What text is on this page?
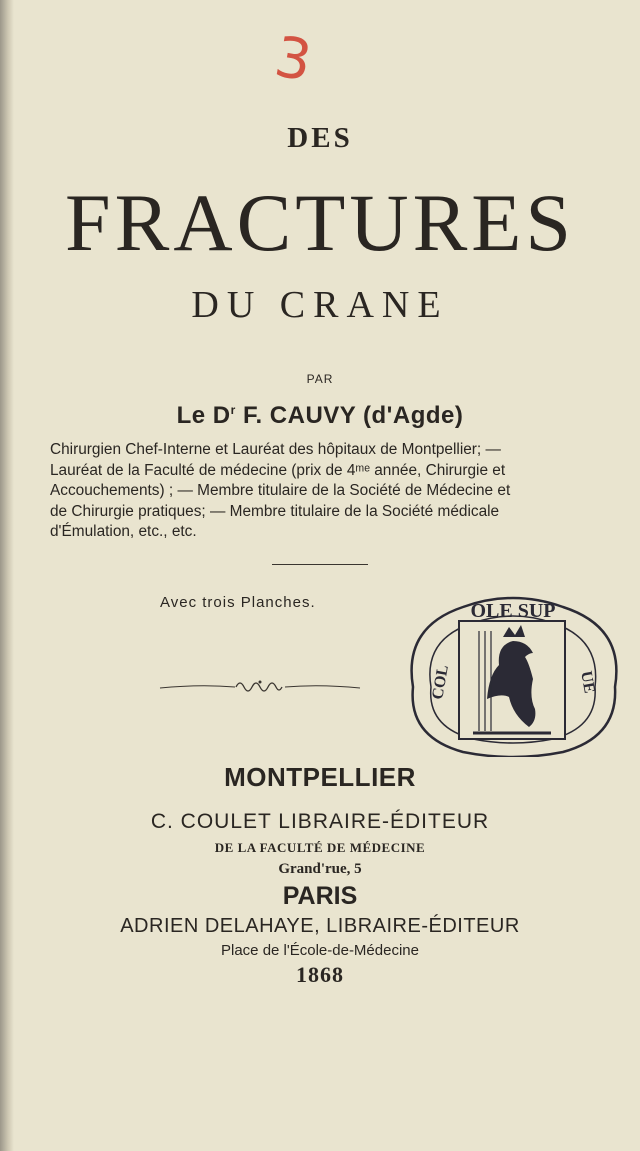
3
DES
FRACTURES
DU CRANE
PAR
Le $D^r$ F. CAUVY (d'Agde)
Chirurgien Chef-Interne et Lauréat des hôpitaux de Montpellier; —
Lauréat de la Faculté de médecine (prix de 4ᵐᵉ année, Chirurgie et
Accouchements) ; — Membre titulaire de la Société de Médecine et
de Chirurgie pratiques; — Membre titulaire de la Société médicale
d'Émulation, etc., etc.
Avec trois Planches.	OLE SUP
COL	UE
MONTPELLIER
C. COULET LIBRAIRE-ÉDITEUR
DE LA FACULTÉ DE MÉDECINE
Grand'rue, 5
PARIS
ADRIEN DELAHAYE, LIBRAIRE-ÉDITEUR
Place de l'École-de-Médecine
1868
